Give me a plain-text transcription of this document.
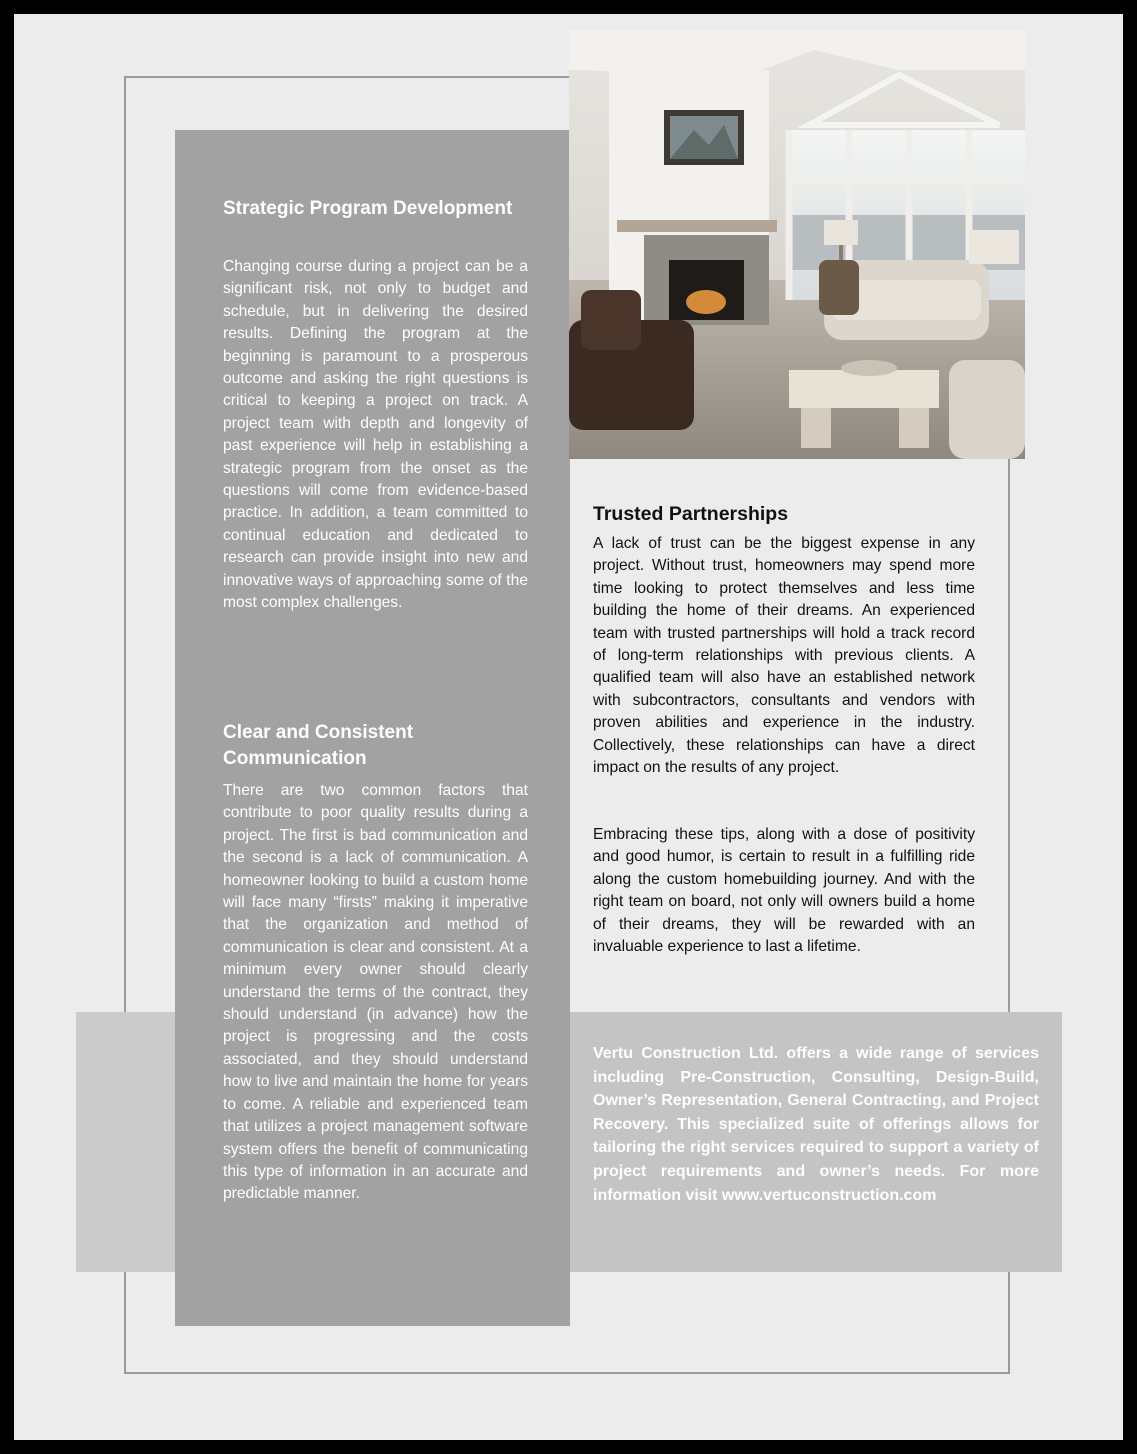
Strategic Program Development

Changing course during a project can be a significant risk, not only to budget and schedule, but in delivering the desired results. Defining the program at the beginning is paramount to a prosperous outcome and asking the right questions is critical to keeping a project on track. A project team with depth and longevity of past experience will help in establishing a strategic program from the onset as the questions will come from evidence-based practice. In addition, a team committed to continual education and dedicated to research can provide insight into new and innovative ways of approaching some of the most complex challenges.

Clear and Consistent Communication

There are two common factors that contribute to poor quality results during a project. The first is bad communication and the second is a lack of communication. A homeowner looking to build a custom home will face many “firsts” making it imperative that the organization and method of communication is clear and consistent. At a minimum every owner should clearly understand the terms of the contract, they should understand (in advance) how the project is progressing and the costs associated, and they should understand how to live and maintain the home for years to come. A reliable and experienced team that utilizes a project management software system offers the benefit of communicating this type of information in an accurate and predictable manner.

Trusted Partnerships

A lack of trust can be the biggest expense in any project. Without trust, homeowners may spend more time looking to protect themselves and less time building the home of their dreams. An experienced team with trusted partnerships will hold a track record of long-term relationships with previous clients. A qualified team will also have an established network with subcontractors, consultants and vendors with proven abilities and experience in the industry. Collectively, these relationships can have a direct impact on the results of any project.

Embracing these tips, along with a dose of positivity and good humor, is certain to result in a fulfilling ride along the custom homebuilding journey. And with the right team on board, not only will owners build a home of their dreams, they will be rewarded with an invaluable experience to last a lifetime.

Vertu Construction Ltd. offers a wide range of services including Pre-Construction, Consulting, Design-Build, Owner’s Representation, General Contracting, and Project Recovery. This specialized suite of offerings allows for tailoring the right services required to support a variety of project requirements and owner’s needs. For more information visit www.vertuconstruction.com
